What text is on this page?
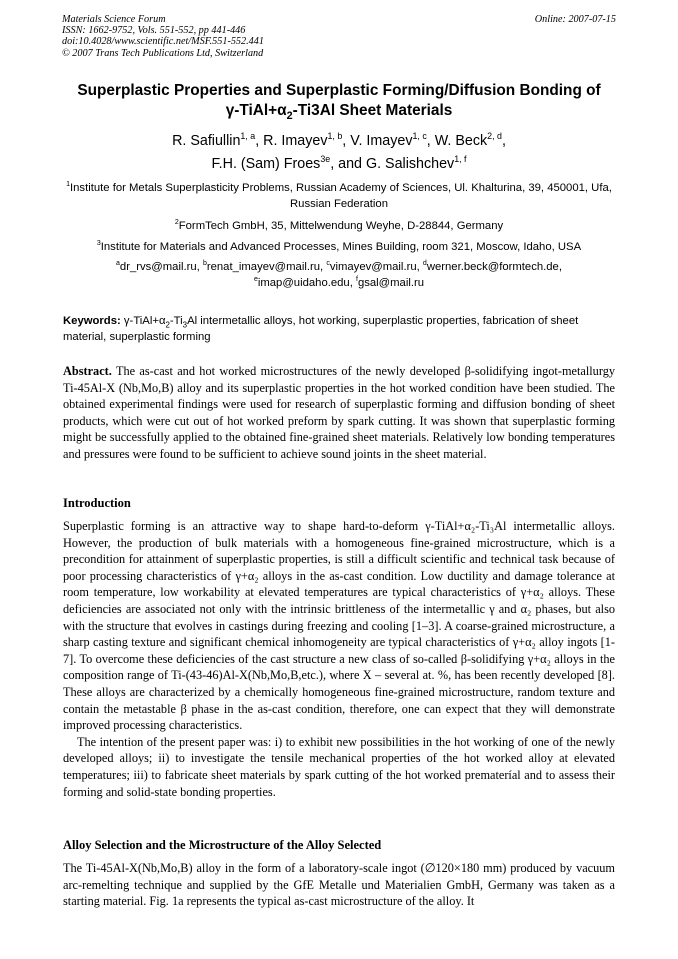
Materials Science Forum
ISSN: 1662-9752, Vols. 551-552, pp 441-446
doi:10.4028/www.scientific.net/MSF.551-552.441
© 2007 Trans Tech Publications Ltd, Switzerland
Online: 2007-07-15
Superplastic Properties and Superplastic Forming/Diffusion Bonding of
$\gamma-TiAl+\alpha_2-Ti3Al$ Sheet Materials
R. Safiullin$^{1, a}$, R. Imayev$^{1, b}$, V. Imayev$^{1, c}$, W. Beck$^{2, d}$,
F.H. (Sam) Froes$^{3e}$, and G. Salishchev$^{1, f}$
$^1$Institute for Metals Superplasticity Problems, Russian Academy of Sciences, Ul. Khalturina, 39, 450001, Ufa, Russian Federation
$^2$FormTech GmbH, 35, Mittelwendung Weyhe, D-28844, Germany
$^3$Institute for Materials and Advanced Processes, Mines Building, room 321, Moscow, Idaho, USA
$^a$dr_rvs@mail.ru, $^b$renat_imayev@mail.ru, $^c$vimayev@mail.ru, $^d$werner.beck@formtech.de,
$^e$imap@uidaho.edu, $^f$gsal@mail.ru
Keywords: $\gamma-TiAl+\alpha_2-Ti_3Al$ intermetallic alloys, hot working, superplastic properties, fabrication of sheet material, superplastic forming

Abstract. The as-cast and hot worked microstructures of the newly developed β-solidifying ingot-metallurgy Ti-45Al-X (Nb,Mo,B) alloy and its superplastic properties in the hot worked condition have been studied. The obtained experimental findings were used for research of superplastic forming and diffusion bonding of sheet products, which were cut out of hot worked preform by spark cutting. It was shown that superplastic forming might be successfully applied to the obtained fine-grained sheet materials. Relatively low bonding temperatures and pressures were found to be sufficient to achieve sound joints in the sheet material.

Introduction

Superplastic forming is an attractive way to shape hard-to-deform γ-TiAl+α₂-Ti₃Al intermetallic alloys. However, the production of bulk materials with a homogeneous fine-grained microstructure, which is a precondition for attainment of superplastic properties, is still a difficult scientific and technical task because of poor processing characteristics of γ+α₂ alloys in the as-cast condition. Low ductility and damage tolerance at room temperature, low workability at elevated temperatures are typical characteristics of γ+α₂ alloys. These deficiencies are associated not only with the intrinsic brittleness of the intermetallic γ and α₂ phases, but also with the structure that evolves in castings during freezing and cooling [1–3]. A coarse-grained microstructure, a sharp casting texture and significant chemical inhomogeneity are typical characteristics of γ+α₂ alloy ingots [1-7]. To overcome these deficiencies of the cast structure a new class of so-called β-solidifying γ+α₂ alloys in the composition range of Ti-(43-46)Al-X(Nb,Mo,B,etc.), where X – several at. %, has been recently developed [8]. These alloys are characterized by a chemically homogeneous fine-grained microstructure, random texture and contain the metastable β phase in the as-cast condition, therefore, one can expect that they will demonstrate improved processing characteristics.

The intention of the present paper was: i) to exhibit new possibilities in the hot working of one of the newly developed alloys; ii) to investigate the tensile mechanical properties of the hot worked alloy at elevated temperatures; iii) to fabricate sheet materials by spark cutting of the hot worked premateríal and to assess their forming and solid-state bonding properties.

Alloy Selection and the Microstructure of the Alloy Selected

The Ti-45Al-X(Nb,Mo,B) alloy in the form of a laboratory-scale ingot (∅120×180 mm) produced by vacuum arc-remelting technique and supplied by the GfE Metalle und Materialien GmbH, Germany was taken as a starting material. Fig. 1a represents the typical as-cast microstructure of the alloy. It
